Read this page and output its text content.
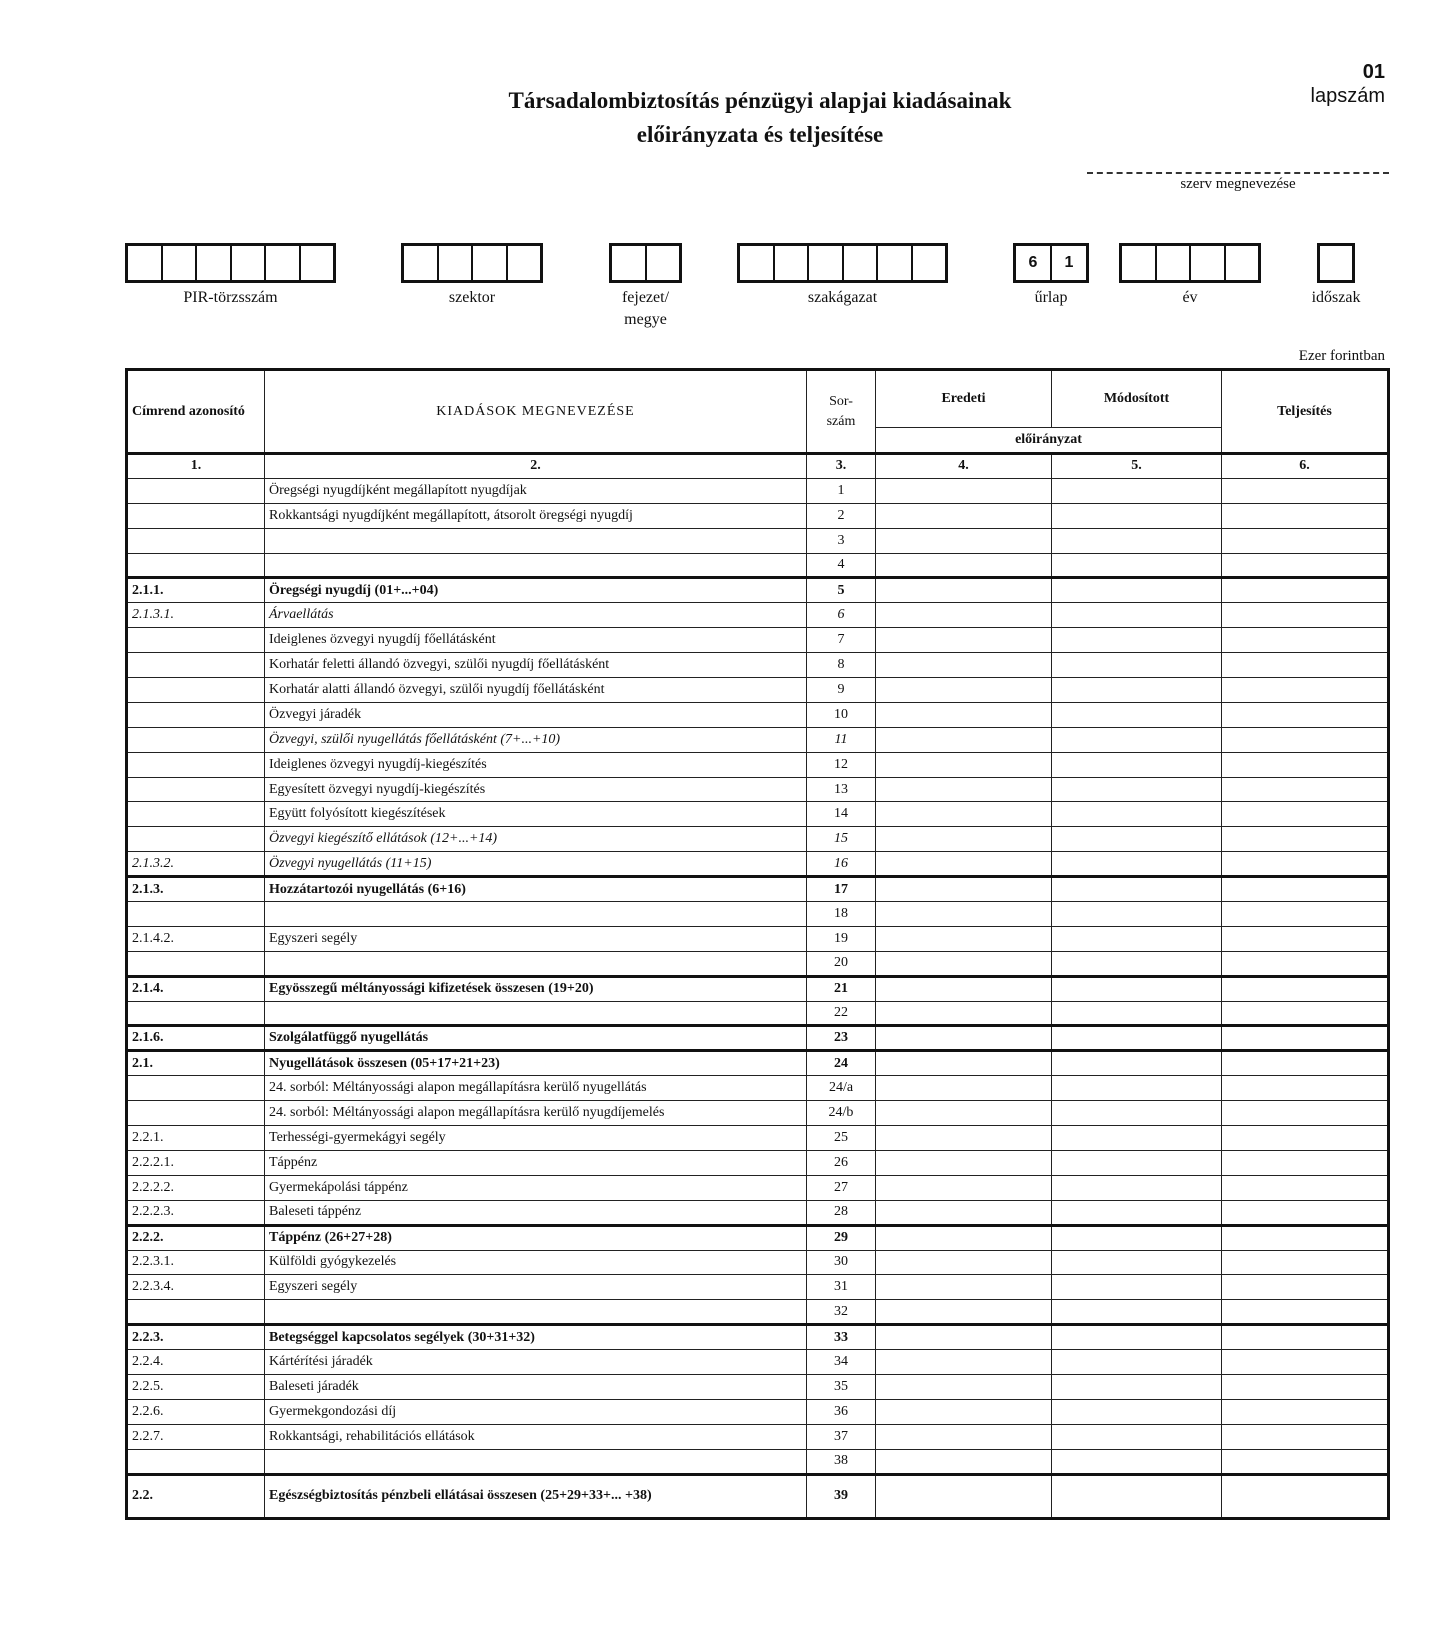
Társadalombiztosítás pénzügyi alapjai kiadásainak
előirányzata és teljesítése
01
lapszám
szerv megnevezése
PIR-törzsszám	szektor	fejezet/
megye
szakágazat
6	1
űrlap	év	időszak
Ezer forintban
Címrend azonosító	KIADÁSOK MEGNEVEZÉSE	Sor-
szám	Eredeti	Módosított	Teljesítés
			előirányzat		
1.	2.	3.	4.	5.	6.
	Öregségi nyugdíjként megállapított nyugdíjak	1			
	Rokkantsági nyugdíjként megállapított, átsorolt öregségi nyugdíj	2			
		3			
		4			
2.1.1.	Öregségi nyugdíj (01+...+04)	5			
2.1.3.1.	Árvaellátás	6			
	Ideiglenes özvegyi nyugdíj főellátásként	7			
	Korhatár feletti állandó özvegyi, szülői nyugdíj főellátásként	8			
	Korhatár alatti állandó özvegyi, szülői nyugdíj főellátásként	9			
	Özvegyi járadék	10			
	Özvegyi, szülői nyugellátás főellátásként (7+...+10)	11			
	Ideiglenes özvegyi nyugdíj-kiegészítés	12			
	Egyesített özvegyi nyugdíj-kiegészítés	13			
	Együtt folyósított kiegészítések	14			
	Özvegyi kiegészítő ellátások (12+...+14)	15			
2.1.3.2.	Özvegyi nyugellátás (11+15)	16			
2.1.3.	Hozzátartozói nyugellátás (6+16)	17			
		18			
2.1.4.2.	Egyszeri segély	19			
		20			
2.1.4.	Egyösszegű méltányossági kifizetések összesen (19+20)	21			
		22			
2.1.6.	Szolgálatfüggő nyugellátás	23			
2.1.	Nyugellátások összesen (05+17+21+23)	24			
	24. sorból: Méltányossági alapon megállapításra kerülő nyugellátás	24/a			
	24. sorból: Méltányossági alapon megállapításra kerülő nyugdíjemelés	24/b			
2.2.1.	Terhességi-gyermekágyi segély	25			
2.2.2.1.	Táppénz	26			
2.2.2.2.	Gyermekápolási táppénz	27			
2.2.2.3.	Baleseti táppénz	28			
2.2.2.	Táppénz (26+27+28)	29			
2.2.3.1.	Külföldi gyógykezelés	30			
2.2.3.4.	Egyszeri segély	31			
		32			
2.2.3.	Betegséggel kapcsolatos segélyek (30+31+32)	33			
2.2.4.	Kártérítési járadék	34			
2.2.5.	Baleseti járadék	35			
2.2.6.	Gyermekgondozási díj	36			
2.2.7.	Rokkantsági, rehabilitációs ellátások	37			
		38			
2.2.	Egészségbiztosítás pénzbeli ellátásai összesen (25+29+33+... +38)	39			
